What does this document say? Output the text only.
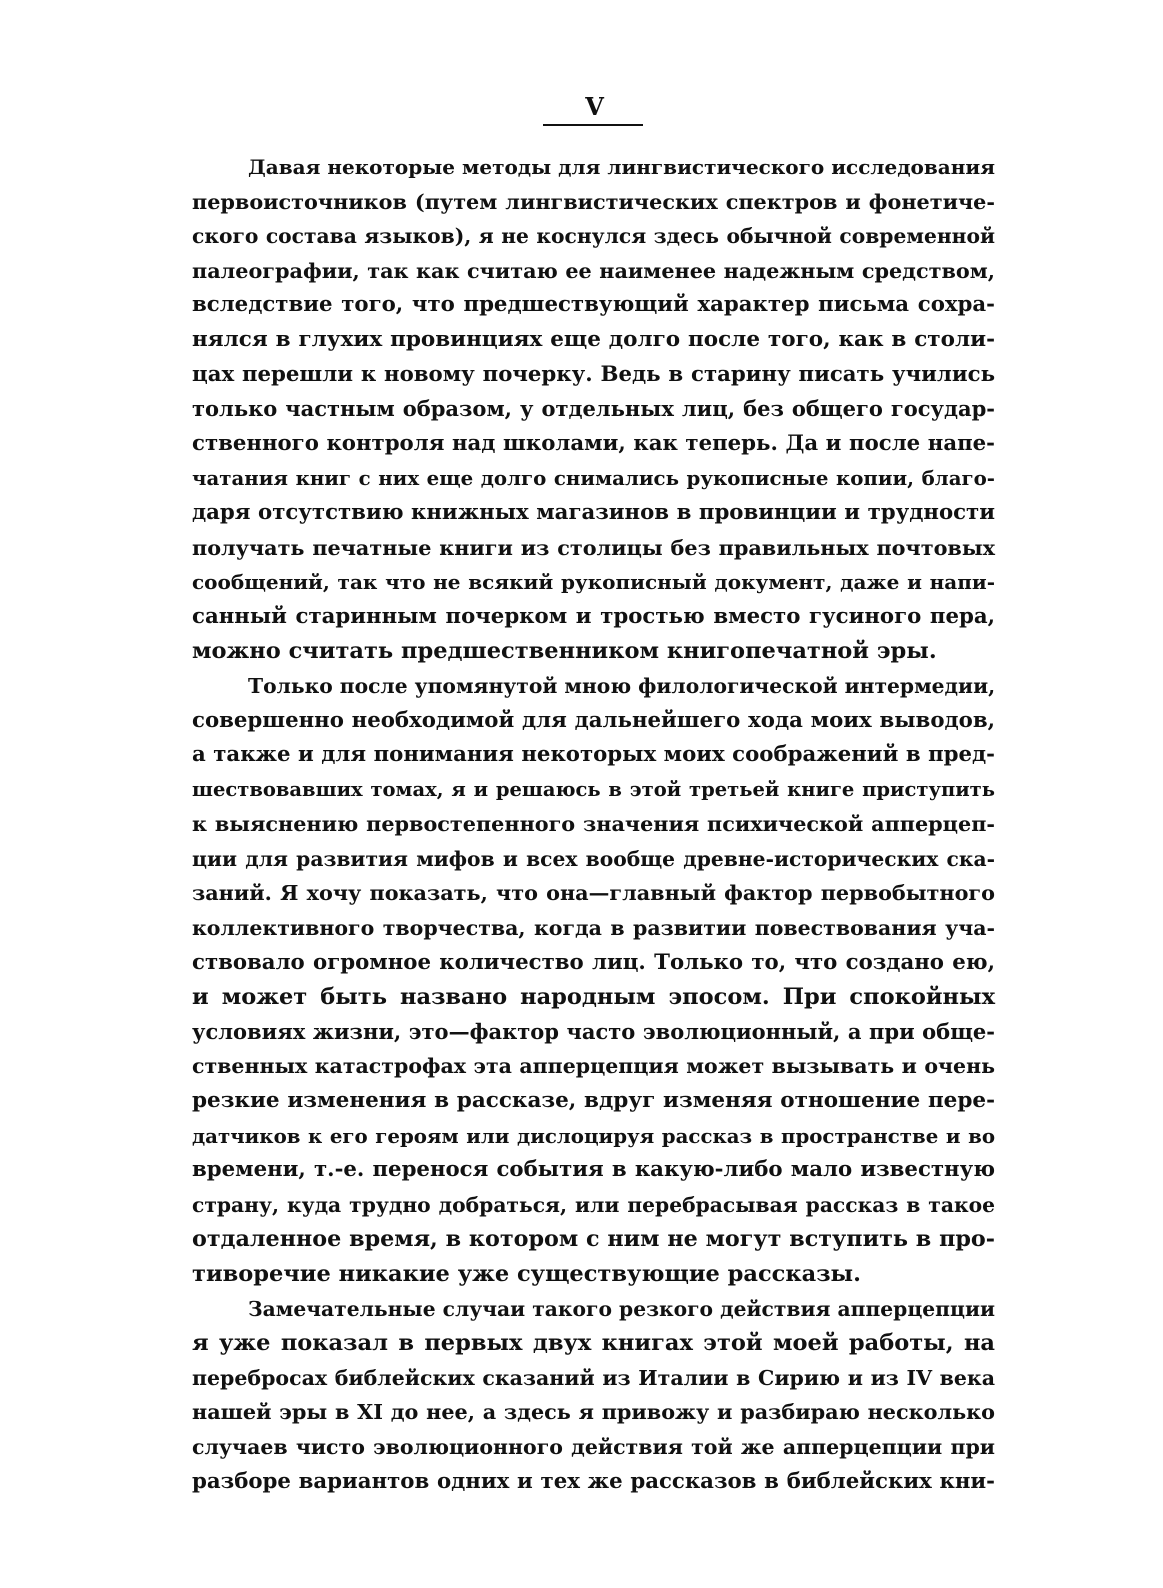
V
Давая некоторые методы для лингвистического исследования
первоисточников (путем лингвистических спектров и фонетиче-
ского состава языков), я не коснулся здесь обычной современной
палеографии, так как считаю ее наименее надежным средством,
вследствие того, что предшествующий характер письма сохра-
нялся в глухих провинциях еще долго после того, как в столи-
цах перешли к новому почерку. Ведь в старину писать учились
только частным образом, у отдельных лиц, без общего государ-
ственного контроля над школами, как теперь. Да и после напе-
чатания книг с них еще долго снимались рукописные копии, благо-
даря отсутствию книжных магазинов в провинции и трудности
получать печатные книги из столицы без правильных почтовых
сообщений, так что не всякий рукописный документ, даже и напи-
санный старинным почерком и тростью вместо гусиного пера,
можно считать предшественником книгопечатной эры.
Только после упомянутой мною филологической интермедии,
совершенно необходимой для дальнейшего хода моих выводов,
а также и для понимания некоторых моих соображений в пред-
шествовавших томах, я и решаюсь в этой третьей книге приступить
к выяснению первостепенного значения психической апперцеп-
ции для развития мифов и всех вообще древне-исторических ска-
заний. Я хочу показать, что она—главный фактор первобытного
коллективного творчества, когда в развитии повествования уча-
ствовало огромное количество лиц. Только то, что создано ею,
и может быть названо народным эпосом. При спокойных
условиях жизни, это—фактор часто эволюционный, а при обще-
ственных катастрофах эта апперцепция может вызывать и очень
резкие изменения в рассказе, вдруг изменяя отношение пере-
датчиков к его героям или дислоцируя рассказ в пространстве и во
времени, т.-е. перенося события в какую-либо мало известную
страну, куда трудно добраться, или перебрасывая рассказ в такое
отдаленное время, в котором с ним не могут вступить в про-
тиворечие никакие уже существующие рассказы.
Замечательные случаи такого резкого действия апперцепции
я уже показал в первых двух книгах этой моей работы, на
перебросах библейских сказаний из Италии в Сирию и из IV века
нашей эры в XI до нее, а здесь я привожу и разбираю несколько
случаев чисто эволюционного действия той же апперцепции при
разборе вариантов одних и тех же рассказов в библейских кни-
